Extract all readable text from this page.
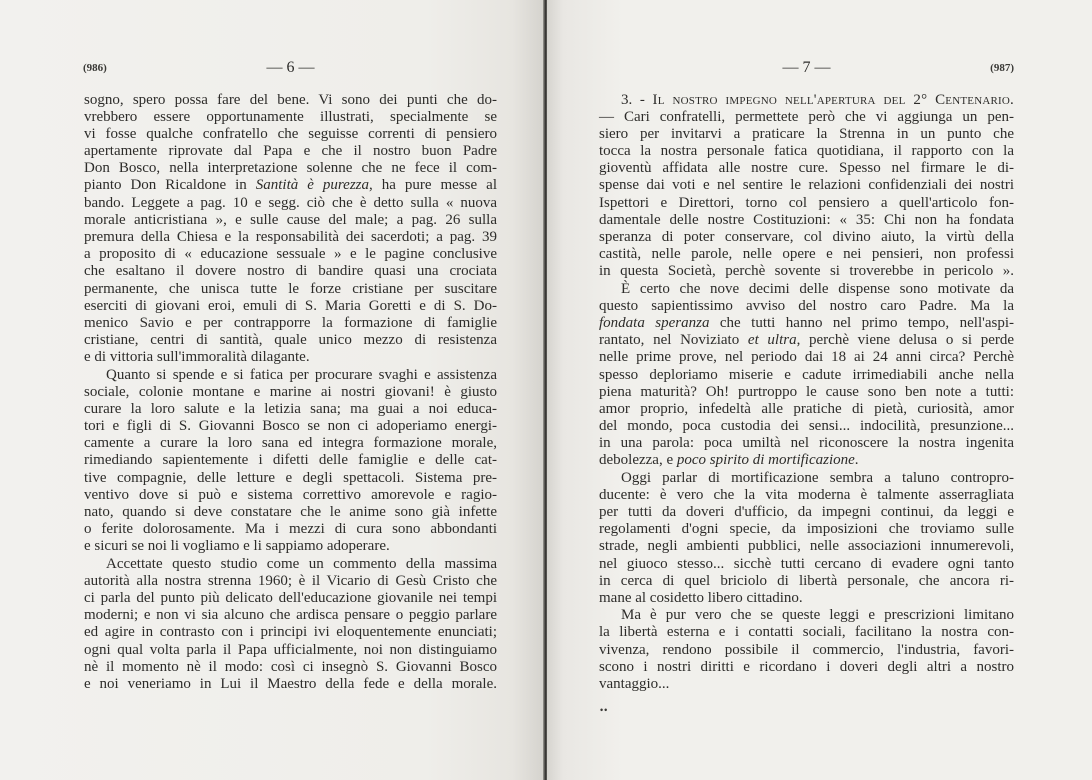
(986)	— 6 —
sogno, spero possa fare del bene. Vi sono dei punti che do-
vrebbero essere opportunamente illustrati, specialmente se
vi fosse qualche confratello che seguisse correnti di pensiero
apertamente riprovate dal Papa e che il nostro buon Padre
Don Bosco, nella interpretazione solenne che ne fece il com-
pianto Don Ricaldone in Santità è purezza, ha pure messe al
bando. Leggete a pag. 10 e segg. ciò che è detto sulla « nuova
morale anticristiana », e sulle cause del male; a pag. 26 sulla
premura della Chiesa e la responsabilità dei sacerdoti; a pag. 39
a proposito di « educazione sessuale » e le pagine conclusive
che esaltano il dovere nostro di bandire quasi una crociata
permanente, che unisca tutte le forze cristiane per suscitare
eserciti di giovani eroi, emuli di S. Maria Goretti e di S. Do-
menico Savio e per contrapporre la formazione di famiglie
cristiane, centri di santità, quale unico mezzo di resistenza
e di vittoria sull'immoralità dilagante.
Quanto si spende e si fatica per procurare svaghi e assistenza
sociale, colonie montane e marine ai nostri giovani! è giusto
curare la loro salute e la letizia sana; ma guai a noi educa-
tori e figli di S. Giovanni Bosco se non ci adoperiamo energi-
camente a curare la loro sana ed integra formazione morale,
rimediando sapientemente i difetti delle famiglie e delle cat-
tive compagnie, delle letture e degli spettacoli. Sistema pre-
ventivo dove si può e sistema correttivo amorevole e ragio-
nato, quando si deve constatare che le anime sono già infette
o ferite dolorosamente. Ma i mezzi di cura sono abbondanti
e sicuri se noi li vogliamo e li sappiamo adoperare.
Accettate questo studio come un commento della massima
autorità alla nostra strenna 1960; è il Vicario di Gesù Cristo che
ci parla del punto più delicato dell'educazione giovanile nei tempi
moderni; e non vi sia alcuno che ardisca pensare o peggio parlare
ed agire in contrasto con i principi ivi eloquentemente enunciati;
ogni qual volta parla il Papa ufficialmente, noi non distinguiamo
nè il momento nè il modo: così ci insegnò S. Giovanni Bosco
e noi veneriamo in Lui il Maestro della fede e della morale.
— 7 —	(987)
3. - Il nostro impegno nell'apertura del 2° Centenario.
— Cari confratelli, permettete però che vi aggiunga un pen-
siero per invitarvi a praticare la Strenna in un punto che
tocca la nostra personale fatica quotidiana, il rapporto con la
gioventù affidata alle nostre cure. Spesso nel firmare le di-
spense dai voti e nel sentire le relazioni confidenziali dei nostri
Ispettori e Direttori, torno col pensiero a quell'articolo fon-
damentale delle nostre Costituzioni: « 35: Chi non ha fondata
speranza di poter conservare, col divino aiuto, la virtù della
castità, nelle parole, nelle opere e nei pensieri, non professi
in questa Società, perchè sovente si troverebbe in pericolo ».
È certo che nove decimi delle dispense sono motivate da
questo sapientissimo avviso del nostro caro Padre. Ma la
fondata speranza che tutti hanno nel primo tempo, nell'aspi-
rantato, nel Noviziato et ultra, perchè viene delusa o si perde
nelle prime prove, nel periodo dai 18 ai 24 anni circa? Perchè
spesso deploriamo miserie e cadute irrimediabili anche nella
piena maturità? Oh! purtroppo le cause sono ben note a tutti:
amor proprio, infedeltà alle pratiche di pietà, curiosità, amor
del mondo, poca custodia dei sensi... indocilità, presunzione...
in una parola: poca umiltà nel riconoscere la nostra ingenita
debolezza, e poco spirito di mortificazione.
Oggi parlar di mortificazione sembra a taluno contropro-
ducente: è vero che la vita moderna è talmente asserragliata
per tutti da doveri d'ufficio, da impegni continui, da leggi e
regolamenti d'ogni specie, da imposizioni che troviamo sulle
strade, negli ambienti pubblici, nelle associazioni innumerevoli,
nel giuoco stesso... sicchè tutti cercano di evadere ogni tanto
in cerca di quel briciolo di libertà personale, che ancora ri-
mane al cosidetto libero cittadino.
Ma è pur vero che se queste leggi e prescrizioni limitano
la libertà esterna e i contatti sociali, facilitano la nostra con-
vivenza, rendono possibile il commercio, l'industria, favori-
scono i nostri diritti e ricordano i doveri degli altri a nostro
vantaggio...
••
